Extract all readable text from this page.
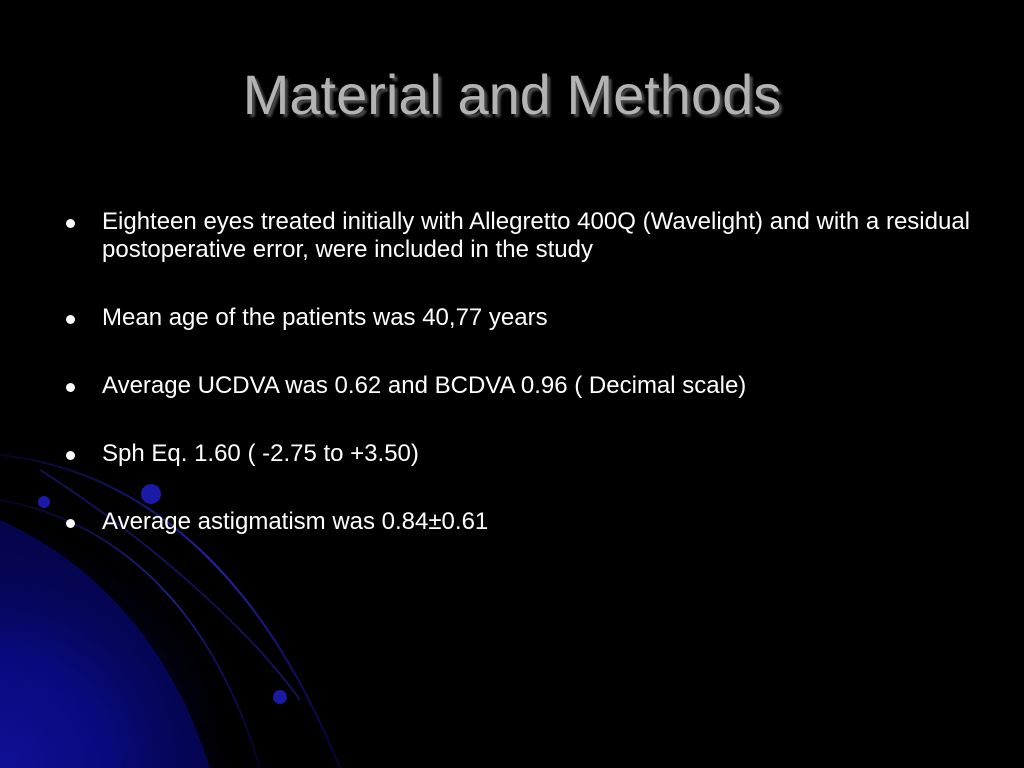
Material and Methods
Eighteen eyes treated initially with Allegretto 400Q (Wavelight) and with a residual postoperative error, were included in the study
Mean age of the patients was 40,77 years
Average UCDVA was 0.62 and BCDVA 0.96 ( Decimal scale)
Sph Eq. 1.60 ( -2.75 to +3.50)
Average astigmatism was 0.84±0.61
